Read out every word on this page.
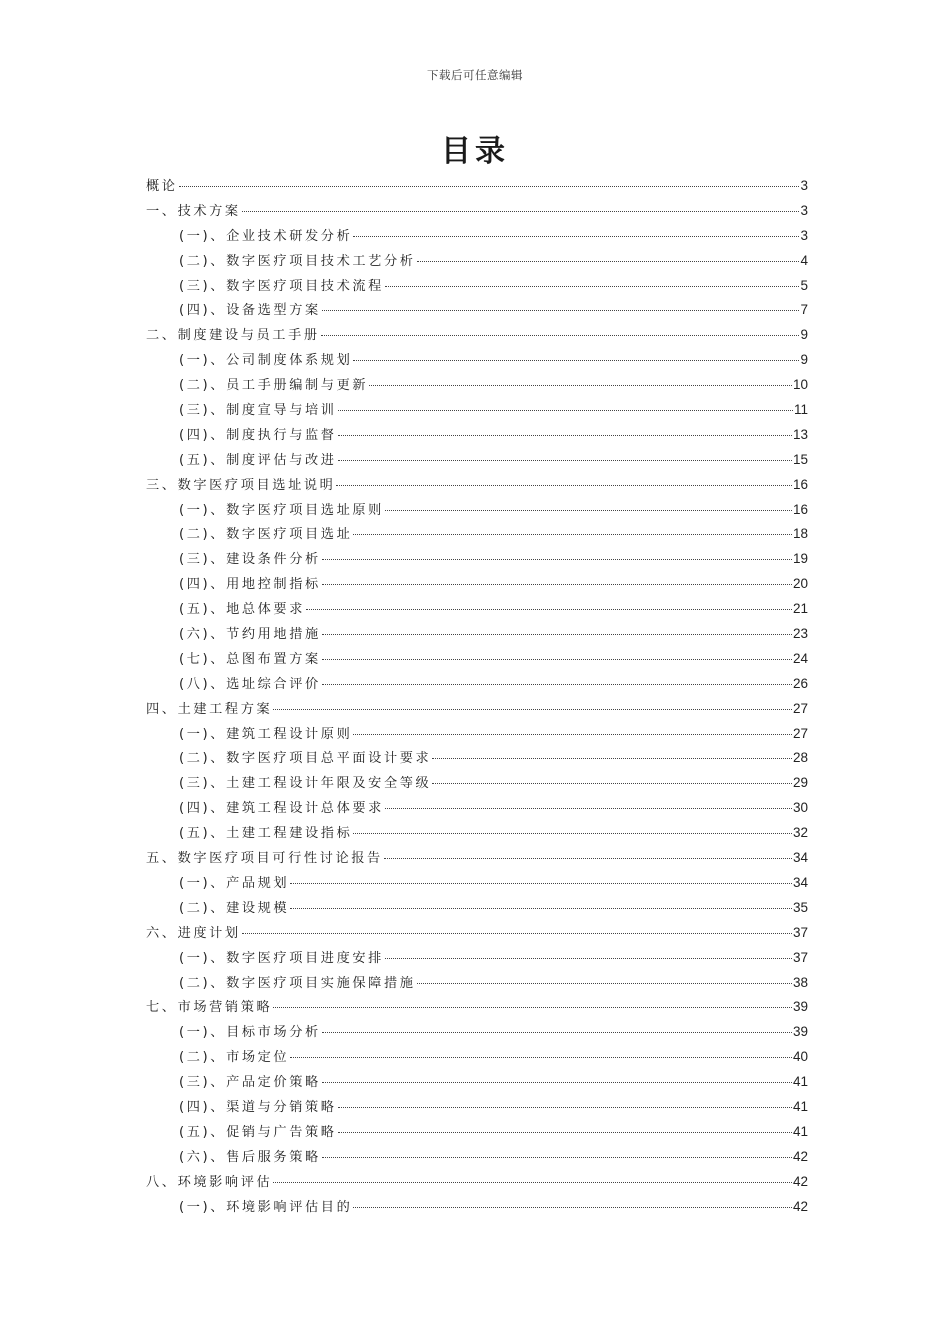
下载后可任意编辑
目录
概论	3
一、技术方案	3
(一)、企业技术研发分析	3
(二)、数字医疗项目技术工艺分析	4
(三)、数字医疗项目技术流程	5
(四)、设备选型方案	7
二、制度建设与员工手册	9
(一)、公司制度体系规划	9
(二)、员工手册编制与更新	10
(三)、制度宣导与培训	11
(四)、制度执行与监督	13
(五)、制度评估与改进	15
三、数字医疗项目选址说明	16
(一)、数字医疗项目选址原则	16
(二)、数字医疗项目选址	18
(三)、建设条件分析	19
(四)、用地控制指标	20
(五)、地总体要求	21
(六)、节约用地措施	23
(七)、总图布置方案	24
(八)、选址综合评价	26
四、土建工程方案	27
(一)、建筑工程设计原则	27
(二)、数字医疗项目总平面设计要求	28
(三)、土建工程设计年限及安全等级	29
(四)、建筑工程设计总体要求	30
(五)、土建工程建设指标	32
五、数字医疗项目可行性讨论报告	34
(一)、产品规划	34
(二)、建设规模	35
六、进度计划	37
(一)、数字医疗项目进度安排	37
(二)、数字医疗项目实施保障措施	38
七、市场营销策略	39
(一)、目标市场分析	39
(二)、市场定位	40
(三)、产品定价策略	41
(四)、渠道与分销策略	41
(五)、促销与广告策略	41
(六)、售后服务策略	42
八、环境影响评估	42
(一)、环境影响评估目的	42
